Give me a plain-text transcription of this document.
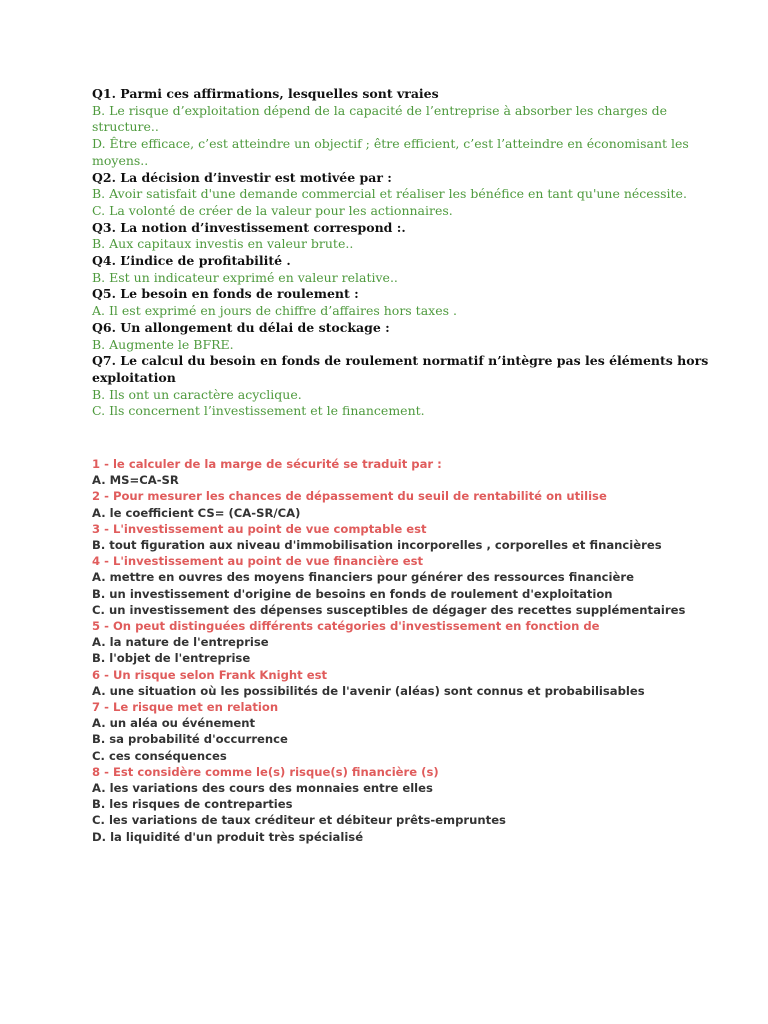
Q1. Parmi ces affirmations, lesquelles sont vraies

B. Le risque d’exploitation dépend de la capacité de l’entreprise à absorber les charges de structure..

D. Être efficace, c’est atteindre un objectif ; être efficient, c’est l’atteindre en économisant les moyens..

Q2. La décision d’investir est motivée par :

B. Avoir satisfait d'une demande commercial et réaliser les bénéfice en tant qu'une nécessite.

C. La volonté de créer de la valeur pour les actionnaires.

Q3. La notion d’investissement correspond :.

B. Aux capitaux investis en valeur brute..

Q4. L’indice de profitabilité .

B. Est un indicateur exprimé en valeur relative..

Q5. Le besoin en fonds de roulement :

A. Il est exprimé en jours de chiffre d’affaires hors taxes .

Q6. Un allongement du délai de stockage :

B. Augmente le BFRE.

Q7. Le calcul du besoin en fonds de roulement normatif n’intègre pas les éléments hors exploitation

B. Ils ont un caractère acyclique.

C. Ils concernent l’investissement et le financement.

1 - le calculer de la marge de sécurité se traduit par :

A. MS=CA-SR

2 - Pour mesurer les chances de dépassement du seuil de rentabilité on utilise

A. le coefficient CS= (CA-SR/CA)

3 - L'investissement au point de vue comptable est

B. tout figuration aux niveau d'immobilisation incorporelles , corporelles et financières

4 - L'investissement au point de vue financière est

A. mettre en ouvres des moyens financiers pour générer des ressources financière

B. un investissement d'origine de besoins en fonds de roulement d'exploitation

C. un investissement des dépenses susceptibles de dégager des recettes supplémentaires

5 - On peut distinguées différents catégories d'investissement en fonction de

A. la nature de l'entreprise

B. l'objet de l'entreprise

6 - Un risque selon Frank Knight est

A. une situation où les possibilités de l'avenir (aléas) sont connus et probabilisables

7 - Le risque met en relation

A. un aléa ou événement

B. sa probabilité d'occurrence

C. ces conséquences

8 - Est considère comme le(s) risque(s) financière (s)

A. les variations des cours des monnaies entre elles

B. les risques de contreparties

C. les variations de taux créditeur et débiteur prêts-empruntes

D. la liquidité d'un produit très spécialisé
